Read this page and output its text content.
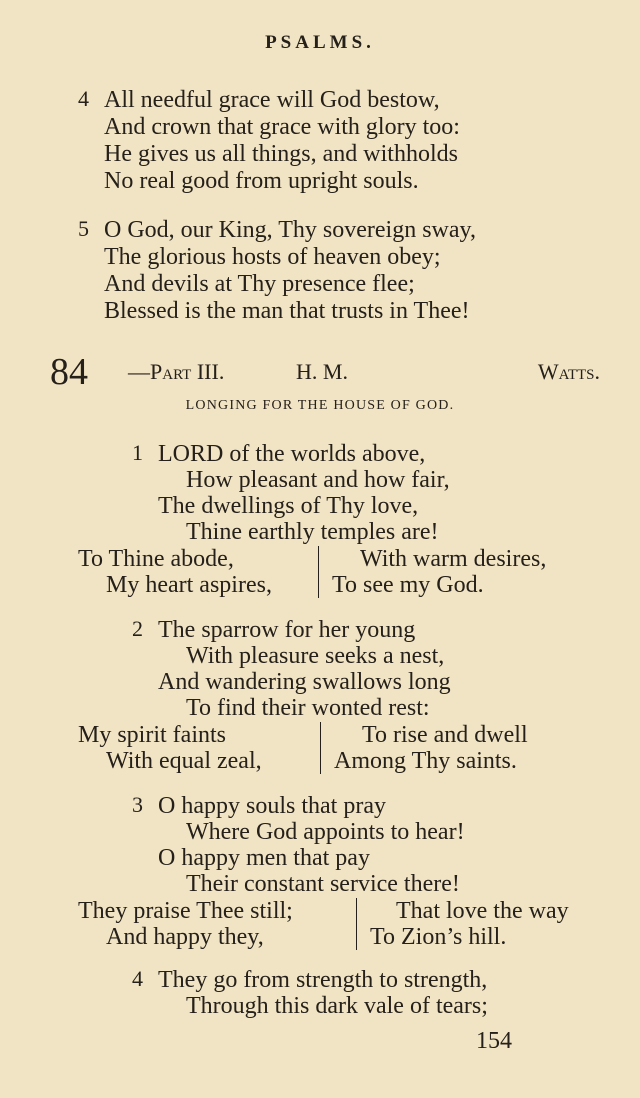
PSALMS.
4 All needful grace will God bestow,
And crown that grace with glory too:
He gives us all things, and withholds
No real good from upright souls.
5 O God, our King, Thy sovereign sway,
The glorious hosts of heaven obey;
And devils at Thy presence flee;
Blessed is the man that trusts in Thee!
84 —Part III.	H. M.	Watts.
LONGING FOR THE HOUSE OF GOD.
1 LORD of the worlds above,
How pleasant and how fair,
The dwellings of Thy love,
Thine earthly temples are!
To Thine abode,
My heart aspires,
With warm desires,
To see my God.
2 The sparrow for her young
With pleasure seeks a nest,
And wandering swallows long
To find their wonted rest:
My spirit faints
With equal zeal,
To rise and dwell
Among Thy saints.
3 O happy souls that pray
Where God appoints to hear!
O happy men that pay
Their constant service there!
They praise Thee still;
And happy they,
That love the way
To Zion’s hill.
4 They go from strength to strength,
Through this dark vale of tears;
154
